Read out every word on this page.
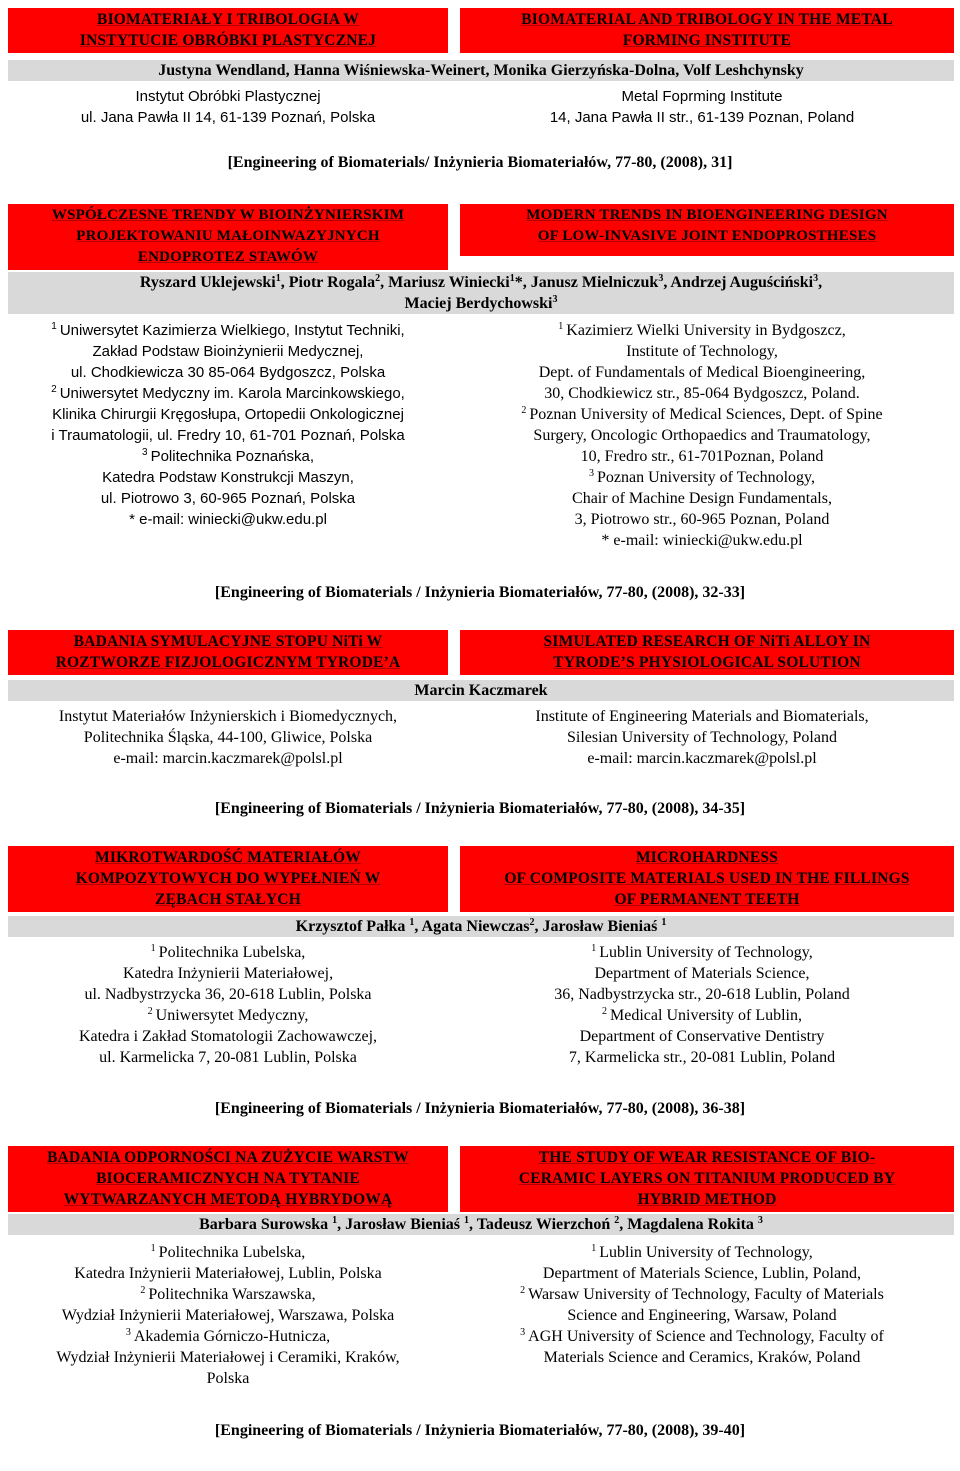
BIOMATERIAŁY I TRIBOLOGIA W
INSTYTUCIE OBRÓBKI PLASTYCZNEJ
BIOMATERIAL AND TRIBOLOGY IN THE METAL
FORMING INSTITUTE
Justyna Wendland, Hanna Wiśniewska-Weinert, Monika Gierzyńska-Dolna, Volf Leshchynsky
Instytut Obróbki Plastycznej
ul. Jana Pawła II 14, 61-139 Poznań, Polska
Metal Foprming Institute
14, Jana Pawła II str., 61-139 Poznan, Poland
[Engineering of Biomaterials/ Inżynieria Biomateriałów, 77-80, (2008), 31]
WSPÓŁCZESNE TRENDY W BIOINŻYNIERSKIM
PROJEKTOWANIU MAŁOINWAZYJNYCH
ENDOPROTEZ STAWÓW
MODERN TRENDS IN BIOENGINEERING DESIGN
OF LOW-INVASIVE JOINT ENDOPROSTHESES
Ryszard Uklejewski$^1$, Piotr Rogala$^2$, Mariusz Winiecki$^1$*, Janusz Mielniczuk$^3$, Andrzej Auguściński$^3$,
Maciej Berdychowski$^3$
$^1$ Uniwersytet Kazimierza Wielkiego, Instytut Techniki,
Zakład Podstaw Bioinżynierii Medycznej,
ul. Chodkiewicza 30 85-064 Bydgoszcz, Polska
$^2$ Uniwersytet Medyczny im. Karola Marcinkowskiego,
Klinika Chirurgii Kręgosłupa, Ortopedii Onkologicznej
i Traumatologii, ul. Fredry 10, 61-701 Poznań, Polska
$^3$ Politechnika Poznańska,
Katedra Podstaw Konstrukcji Maszyn,
ul. Piotrowo 3, 60-965 Poznań, Polska
* e-mail: winiecki@ukw.edu.pl
$^1$ Kazimierz Wielki University in Bydgoszcz,
Institute of Technology,
Dept. of Fundamentals of Medical Bioengineering,
30, Chodkiewicz str., 85-064 Bydgoszcz, Poland.
$^2$ Poznan University of Medical Sciences, Dept. of Spine
Surgery, Oncologic Orthopaedics and Traumatology,
10, Fredro str., 61-701Poznan, Poland
$^3$ Poznan University of Technology,
Chair of Machine Design Fundamentals,
3, Piotrowo str., 60-965 Poznan, Poland
* e-mail: winiecki@ukw.edu.pl
[Engineering of Biomaterials / Inżynieria Biomateriałów, 77-80, (2008), 32-33]
BADANIA SYMULACYJNE STOPU NiTi W
ROZTWORZE FIZJOLOGICZNYM TYRODE’A
SIMULATED RESEARCH OF NiTi ALLOY IN
TYRODE’S PHYSIOLOGICAL SOLUTION
Marcin Kaczmarek
Instytut Materiałów Inżynierskich i Biomedycznych,
Politechnika Śląska, 44-100, Gliwice, Polska
e-mail: marcin.kaczmarek@polsl.pl
Institute of Engineering Materials and Biomaterials,
Silesian University of Technology, Poland
e-mail: marcin.kaczmarek@polsl.pl
[Engineering of Biomaterials / Inżynieria Biomateriałów, 77-80, (2008), 34-35]
MIKROTWARDOŚĆ MATERIAŁÓW
KOMPOZYTOWYCH DO WYPEŁNIEŃ W
ZĘBACH STAŁYCH
MICROHARDNESS
OF COMPOSITE MATERIALS USED IN THE FILLINGS
OF PERMANENT TEETH
Krzysztof Pałka $^1$, Agata Niewczas$^2$, Jarosław Bieniaś $^1$
$^1$ Politechnika Lubelska,
Katedra Inżynierii Materiałowej,
ul. Nadbystrzycka 36, 20-618 Lublin, Polska
$^2$ Uniwersytet Medyczny,
Katedra i Zakład Stomatologii Zachowawczej,
ul. Karmelicka 7, 20-081 Lublin, Polska
$^1$ Lublin University of Technology,
Department of Materials Science,
36, Nadbystrzycka str., 20-618 Lublin, Poland
$^2$ Medical University of Lublin,
Department of Conservative Dentistry
7, Karmelicka str., 20-081 Lublin, Poland
[Engineering of Biomaterials / Inżynieria Biomateriałów, 77-80, (2008), 36-38]
BADANIA ODPORNOŚCI NA ZUŻYCIE WARSTW
BIOCERAMICZNYCH NA TYTANIE
WYTWARZANYCH METODĄ HYBRYDOWĄ
THE STUDY OF WEAR RESISTANCE OF BIO-
CERAMIC LAYERS ON TITANIUM PRODUCED BY
HYBRID METHOD
Barbara Surowska $^1$, Jarosław Bieniaś $^1$, Tadeusz Wierzchoń $^2$, Magdalena Rokita $^3$
$^1$ Politechnika Lubelska,
Katedra Inżynierii Materiałowej, Lublin, Polska
$^2$ Politechnika Warszawska,
Wydział Inżynierii Materiałowej, Warszawa, Polska
$^3$ Akademia Górniczo-Hutnicza,
Wydział Inżynierii Materiałowej i Ceramiki, Kraków,
Polska
$^1$ Lublin University of Technology,
Department of Materials Science, Lublin, Poland,
$^2$ Warsaw University of Technology, Faculty of Materials
Science and Engineering, Warsaw, Poland
$^3$ AGH University of Science and Technology, Faculty of
Materials Science and Ceramics, Kraków, Poland
[Engineering of Biomaterials / Inżynieria Biomateriałów, 77-80, (2008), 39-40]
